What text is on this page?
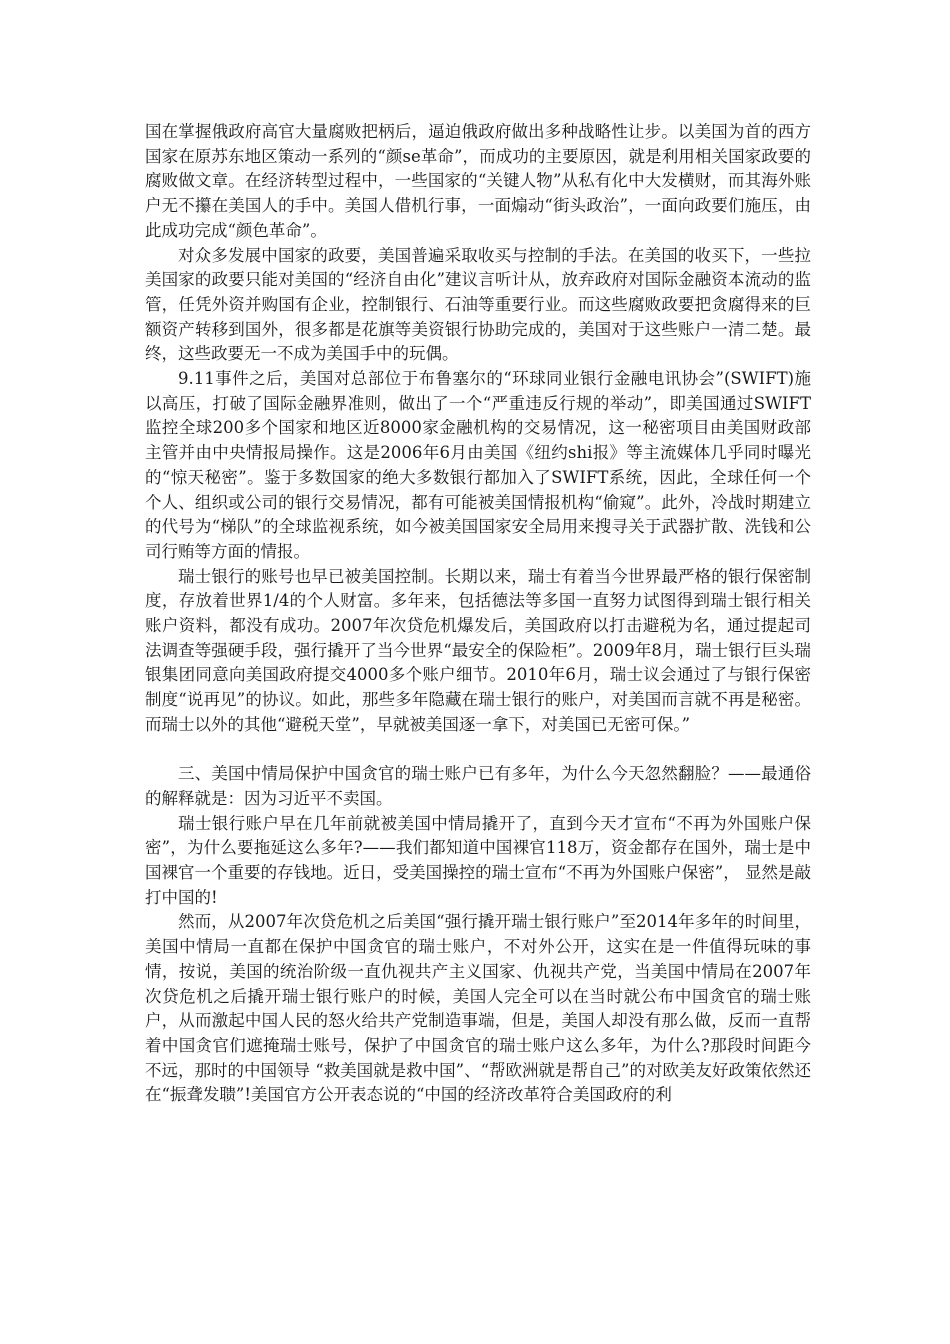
国在掌握俄政府高官大量腐败把柄后，逼迫俄政府做出多种战略性让步。以美国为首的西方国家在原苏东地区策动一系列的“颜se革命”，而成功的主要原因，就是利用相关国家政要的腐败做文章。在经济转型过程中，一些国家的“关键人物”从私有化中大发横财，而其海外账户无不攥在美国人的手中。美国人借机行事，一面煽动“街头政治”，一面向政要们施压，由此成功完成“颜色革命”。

对众多发展中国家的政要，美国普遍采取收买与控制的手法。在美国的收买下，一些拉美国家的政要只能对美国的“经济自由化”建议言听计从，放弃政府对国际金融资本流动的监管，任凭外资并购国有企业，控制银行、石油等重要行业。而这些腐败政要把贪腐得来的巨额资产转移到国外，很多都是花旗等美资银行协助完成的，美国对于这些账户一清二楚。最终，这些政要无一不成为美国手中的玩偶。

9.11事件之后，美国对总部位于布鲁塞尔的“环球同业银行金融电讯协会”(SWIFT)施以高压，打破了国际金融界准则，做出了一个“严重违反行规的举动”，即美国通过SWIFT监控全球200多个国家和地区近8000家金融机构的交易情况，这一秘密项目由美国财政部主管并由中央情报局操作。这是2006年6月由美国《纽约shi报》等主流媒体几乎同时曝光的“惊天秘密”。鉴于多数国家的绝大多数银行都加入了SWIFT系统，因此，全球任何一个个人、组织或公司的银行交易情况，都有可能被美国情报机构“偷窥”。此外，冷战时期建立的代号为“梯队”的全球监视系统，如今被美国国家安全局用来搜寻关于武器扩散、洗钱和公司行贿等方面的情报。

瑞士银行的账号也早已被美国控制。长期以来，瑞士有着当今世界最严格的银行保密制度，存放着世界1/4的个人财富。多年来，包括德法等多国一直努力试图得到瑞士银行相关账户资料，都没有成功。2007年次贷危机爆发后，美国政府以打击避税为名，通过提起司法调查等强硬手段，强行撬开了当今世界“最安全的保险柜”。2009年8月，瑞士银行巨头瑞银集团同意向美国政府提交4000多个账户细节。2010年6月，瑞士议会通过了与银行保密制度“说再见”的协议。如此，那些多年隐藏在瑞士银行的账户，对美国而言就不再是秘密。而瑞士以外的其他“避税天堂”，早就被美国逐一拿下，对美国已无密可保。”

三、美国中情局保护中国贪官的瑞士账户已有多年，为什么今天忽然翻脸？——最通俗的解释就是：因为习近平不卖国。

瑞士银行账户早在几年前就被美国中情局撬开了，直到今天才宣布“不再为外国账户保密”，为什么要拖延这么多年?——我们都知道中国裸官118万，资金都存在国外，瑞士是中国裸官一个重要的存钱地。近日，受美国操控的瑞士宣布“不再为外国账户保密”， 显然是敲打中国的!

然而，从2007年次贷危机之后美国“强行撬开瑞士银行账户”至2014年多年的时间里，美国中情局一直都在保护中国贪官的瑞士账户，不对外公开，这实在是一件值得玩味的事情，按说，美国的统治阶级一直仇视共产主义国家、仇视共产党，当美国中情局在2007年次贷危机之后撬开瑞士银行账户的时候，美国人完全可以在当时就公布中国贪官的瑞士账户，从而激起中国人民的怒火给共产党制造事端，但是，美国人却没有那么做，反而一直帮着中国贪官们遮掩瑞士账号，保护了中国贪官的瑞士账户这么多年，为什么?那段时间距今不远，那时的中国领导 “救美国就是救中国”、“帮欧洲就是帮自己”的对欧美友好政策依然还在“振聋发聩”!美国官方公开表态说的“中国的经济改革符合美国政府的利
